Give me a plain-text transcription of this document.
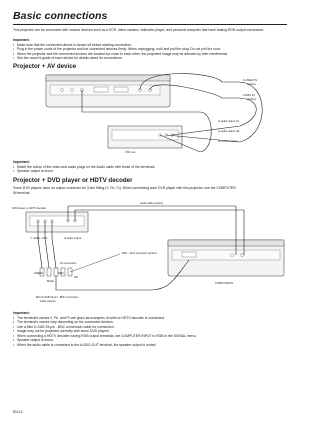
Basic connections
This projector can be connected with various devices such as a VCR, video camera, videodisc player, and personal computer that have analog RGB output connectors.
Important:
• Make sure that the connected device is turned off before starting connection.
• Plug in the power cords of the projector and the connected devices firmly. When unplugging, hold and pull the plug. Do not pull the cord.
• When the projector and the connected devices are located too close to each other, the projected image may be affected by their interference.
• See the owner's guide of each device for details about its connections.
Projector + AV device
S-VIDEO IN
(option)
AUDIO IN
(option)
to audio output (L)
to audio output (R)
to S-video output
VCR, etc.
Important:
• Match the colors of the video and audio plugs on the Audio cable with those of the terminals.
• Speaker output is mono.
Projector + DVD player or HDTV decoder
Some DVD players have an output connector for 3-line fitting (Y, Cb, Cr). When connecting such DVD player with this projector, use the COMPUTER
IN terminal.
DVD player or HDTV decoder
Y, Cb/Pb, Cr/Pr	to audio output
Audio cable (option)
BNC - RCA connector (option)
No connection
GREEN
BLUE
RED
HD
Mini D-SUB 15-pin - BNC conversion
cable (option)
COMPUTER IN
Important:
• The terminal's names Y, Pb, and Pr are given as examples of when a HDTV decoder is connected.
• The terminal's names vary depending on the connected devices.
• Use a Mini D-SUB 15-pin - BNC conversion cable for connection.
• Image may not be projected correctly with some DVD players.
• When connecting a HDTV decoder having RGB output terminals, set COMPUTER INPUT to RGB in the SIGNAL menu.
• Speaker output is mono.
• When the audio cable is connected to the AUDIO OUT terminal, the speaker output is muted.
EN-14
